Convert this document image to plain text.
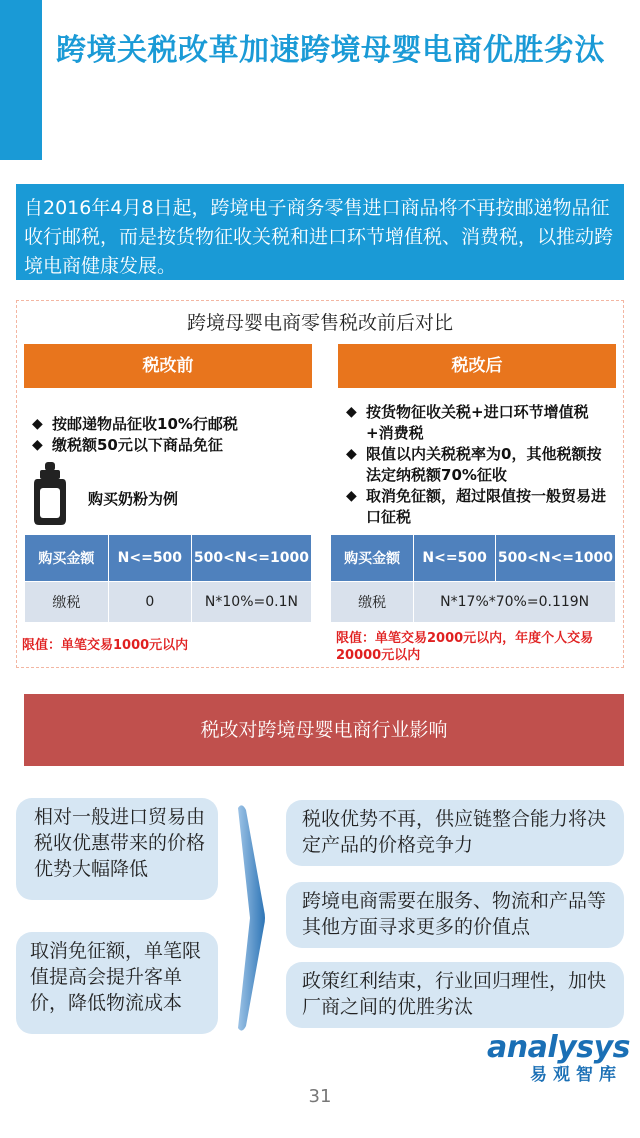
跨境关税改革加速跨境母婴电商优胜劣汰
自2016年4月8日起，跨境电子商务零售进口商品将不再按邮递物品征收行邮税，而是按货物征收关税和进口环节增值税、消费税，以推动跨境电商健康发展。
跨境母婴电商零售税改前后对比
税改前	税改后
◆ 按邮递物品征收10%行邮税
◆ 缴税额50元以下商品免征
购买奶粉为例
◆ 按货物征收关税+进口环节增值税+消费税
◆ 限值以内关税税率为0，其他税额按法定纳税额70%征收
◆ 取消免征额，超过限值按一般贸易进口征税
购买金额	N<=500	500<N<=1000
缴税	0	N*10%=0.1N
购买金额	N<=500	500<N<=1000
缴税	N*17%*70%=0.119N	
限值：单笔交易1000元以内	限值：单笔交易2000元以内，年度个人交易20000元以内
税改对跨境母婴电商行业影响
相对一般进口贸易由税收优惠带来的价格优势大幅降低
取消免征额，单笔限值提高会提升客单价，降低物流成本
税收优势不再，供应链整合能力将决定产品的价格竞争力
跨境电商需要在服务、物流和产品等其他方面寻求更多的价值点
政策红利结束，行业回归理性，加快厂商之间的优胜劣汰
analysys
易观智库
31
